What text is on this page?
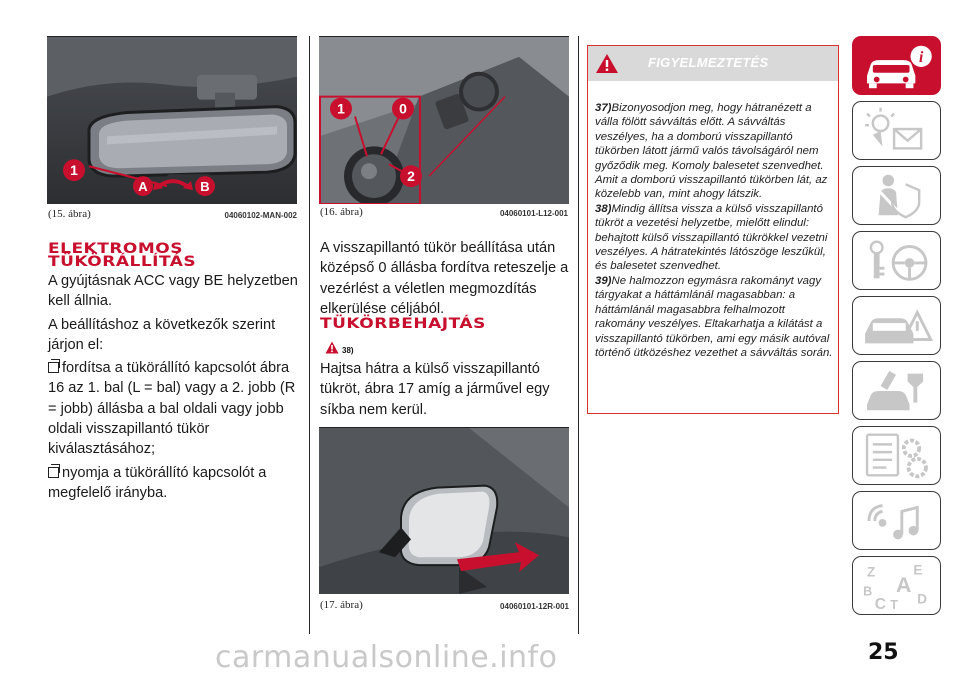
1
A	B
(15. ábra)	04060102-MAN-002
ELEKTROMOS
TÜKÖRÁLLÍTÁS

A gyújtásnak ACC vagy BE helyzetben kell állnia.

A beállításhoz a következők szerint járjon el:

fordítsa a tükörállító kapcsolót ábra 16 az 1. bal (L = bal) vagy a 2. jobb (R = jobb) állásba a bal oldali vagy jobb oldali visszapillantó tükör kiválasztásához;

nyomja a tükörállító kapcsolót a megfelelő irányba.

1	0
2
(16. ábra)	04060101-L12-001
A visszapillantó tükör beállítása után középső 0 állásba fordítva reteszelje a vezérlést a véletlen megmozdítás elkerülése céljából.
TÜKÖRBEHAJTÁS
38)
Hajtsa hátra a külső visszapillantó tükröt, ábra 17 amíg a járművel egy síkba nem kerül.
(17. ábra)	04060101-12R-001
FIGYELMEZTETÉS
37)Bizonyosodjon meg, hogy hátranézett a válla fölött sávváltás előtt. A sávváltás veszélyes, ha a domború visszapillantó tükörben látott jármű valós távolságáról nem győződik meg. Komoly balesetet szenvedhet. Amit a domború visszapillantó tükörben lát, az közelebb van, mint ahogy látszik.
38)Mindig állítsa vissza a külső visszapillantó tükröt a vezetési helyzetbe, mielőtt elindul: behajtott külső visszapillantó tükrökkel vezetni veszélyes. A hátratekintés látószöge leszűkül, és balesetet szenvedhet.
39)Ne halmozzon egymásra rakományt vagy tárgyakat a háttámlánál magasabban: a háttámlánál magasabbra felhalmozott rakomány veszélyes. Eltakarhatja a kilátást a visszapillantó tükörben, ami egy másik autóval történő ütközéshez vezethet a sávváltás során.
i
Z	E
A
B
C T D
carmanualsonline.info	25
